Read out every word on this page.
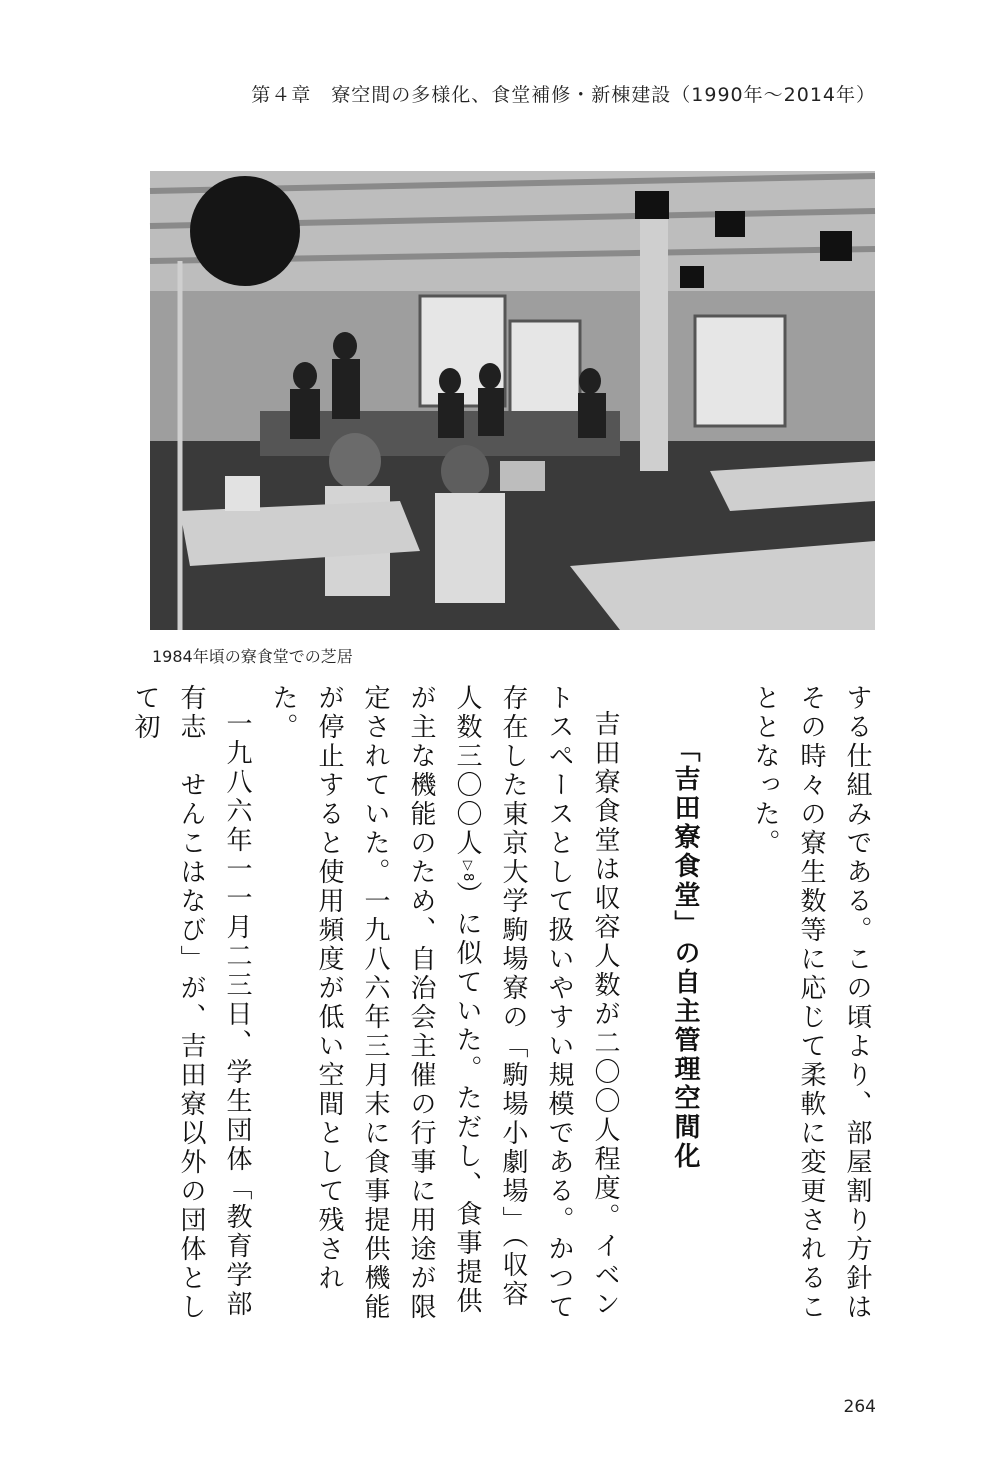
第４章　寮空間の多様化、食堂補修・新棟建設（1990年〜2014年）
1984年頃の寮食堂での芝居

する仕組みである。この頃より、部屋割り方針はその時々の寮生数等に応じて柔軟に変更されることとなった。

「吉田寮食堂」の自主管理空間化

吉田寮食堂は収容人数が二〇〇人程度。イベントスペースとして扱いやすい規模である。かつて存在した東京大学駒場寮の「駒場小劇場」（収容人数三〇〇人▽8）に似ていた。ただし、食事提供が主な機能のため、自治会主催の行事に用途が限定されていた。一九八六年三月末に食事提供機能が停止すると使用頻度が低い空間として残された。

一九八六年一一月二三日、学生団体「教育学部有志　せんこはなび」が、吉田寮以外の団体として初

264
